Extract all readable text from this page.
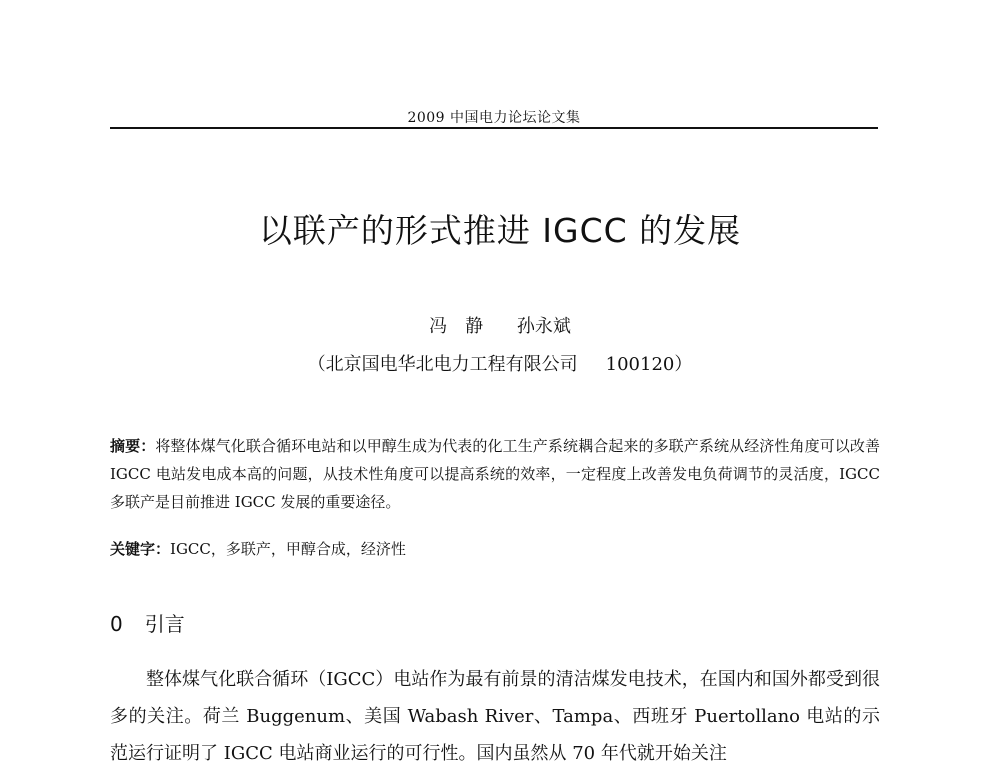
2009 中国电力论坛论文集
以联产的形式推进 IGCC 的发展
冯　静 孙永斌
（北京国电华北电力工程有限公司 100120）
摘要：将整体煤气化联合循环电站和以甲醇生成为代表的化工生产系统耦合起来的多联产系统从经济性角度可以改善 IGCC 电站发电成本高的问题，从技术性角度可以提高系统的效率，一定程度上改善发电负荷调节的灵活度，IGCC 多联产是目前推进 IGCC 发展的重要途径。
关键字：IGCC，多联产，甲醇合成，经济性
0 引言

整体煤气化联合循环（IGCC）电站作为最有前景的清洁煤发电技术，在国内和国外都受到很多的关注。荷兰 Buggenum、美国 Wabash River、Tampa、西班牙 Puertollano 电站的示范运行证明了 IGCC 电站商业运行的可行性。国内虽然从 70 年代就开始关注
